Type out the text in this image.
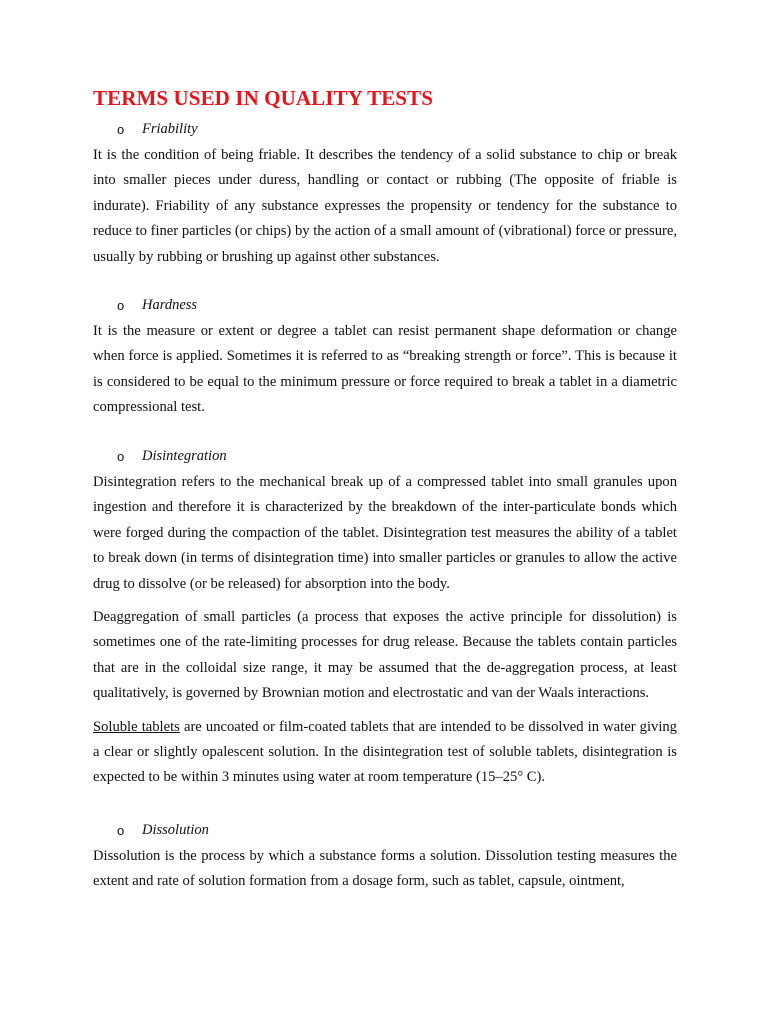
TERMS USED IN QUALITY TESTS
o	Friability

It is the condition of being friable. It describes the tendency of a solid substance to chip or break into smaller pieces under duress, handling or contact or rubbing (The opposite of friable is indurate). Friability of any substance expresses the propensity or tendency for the substance to reduce to finer particles (or chips) by the action of a small amount of (vibrational) force or pressure, usually by rubbing or brushing up against other substances.

o	Hardness

It is the measure or extent or degree a tablet can resist permanent shape deformation or change when force is applied. Sometimes it is referred to as “breaking strength or force”. This is because it is considered to be equal to the minimum pressure or force required to break a tablet in a diametric compressional test.

o	Disintegration

Disintegration refers to the mechanical break up of a compressed tablet into small granules upon ingestion and therefore it is characterized by the breakdown of the inter-particulate bonds which were forged during the compaction of the tablet. Disintegration test measures the ability of a tablet to break down (in terms of disintegration time) into smaller particles or granules to allow the active drug to dissolve (or be released) for absorption into the body.

Deaggregation of small particles (a process that exposes the active principle for dissolution) is sometimes one of the rate-limiting processes for drug release. Because the tablets contain particles that are in the colloidal size range, it may be assumed that the de-aggregation process, at least qualitatively, is governed by Brownian motion and electrostatic and van der Waals interactions.

Soluble tablets are uncoated or film-coated tablets that are intended to be dissolved in water giving a clear or slightly opalescent solution. In the disintegration test of soluble tablets, disintegration is expected to be within 3 minutes using water at room temperature (15–25° C).

o	Dissolution

Dissolution is the process by which a substance forms a solution. Dissolution testing measures the extent and rate of solution formation from a dosage form, such as tablet, capsule, ointment,
